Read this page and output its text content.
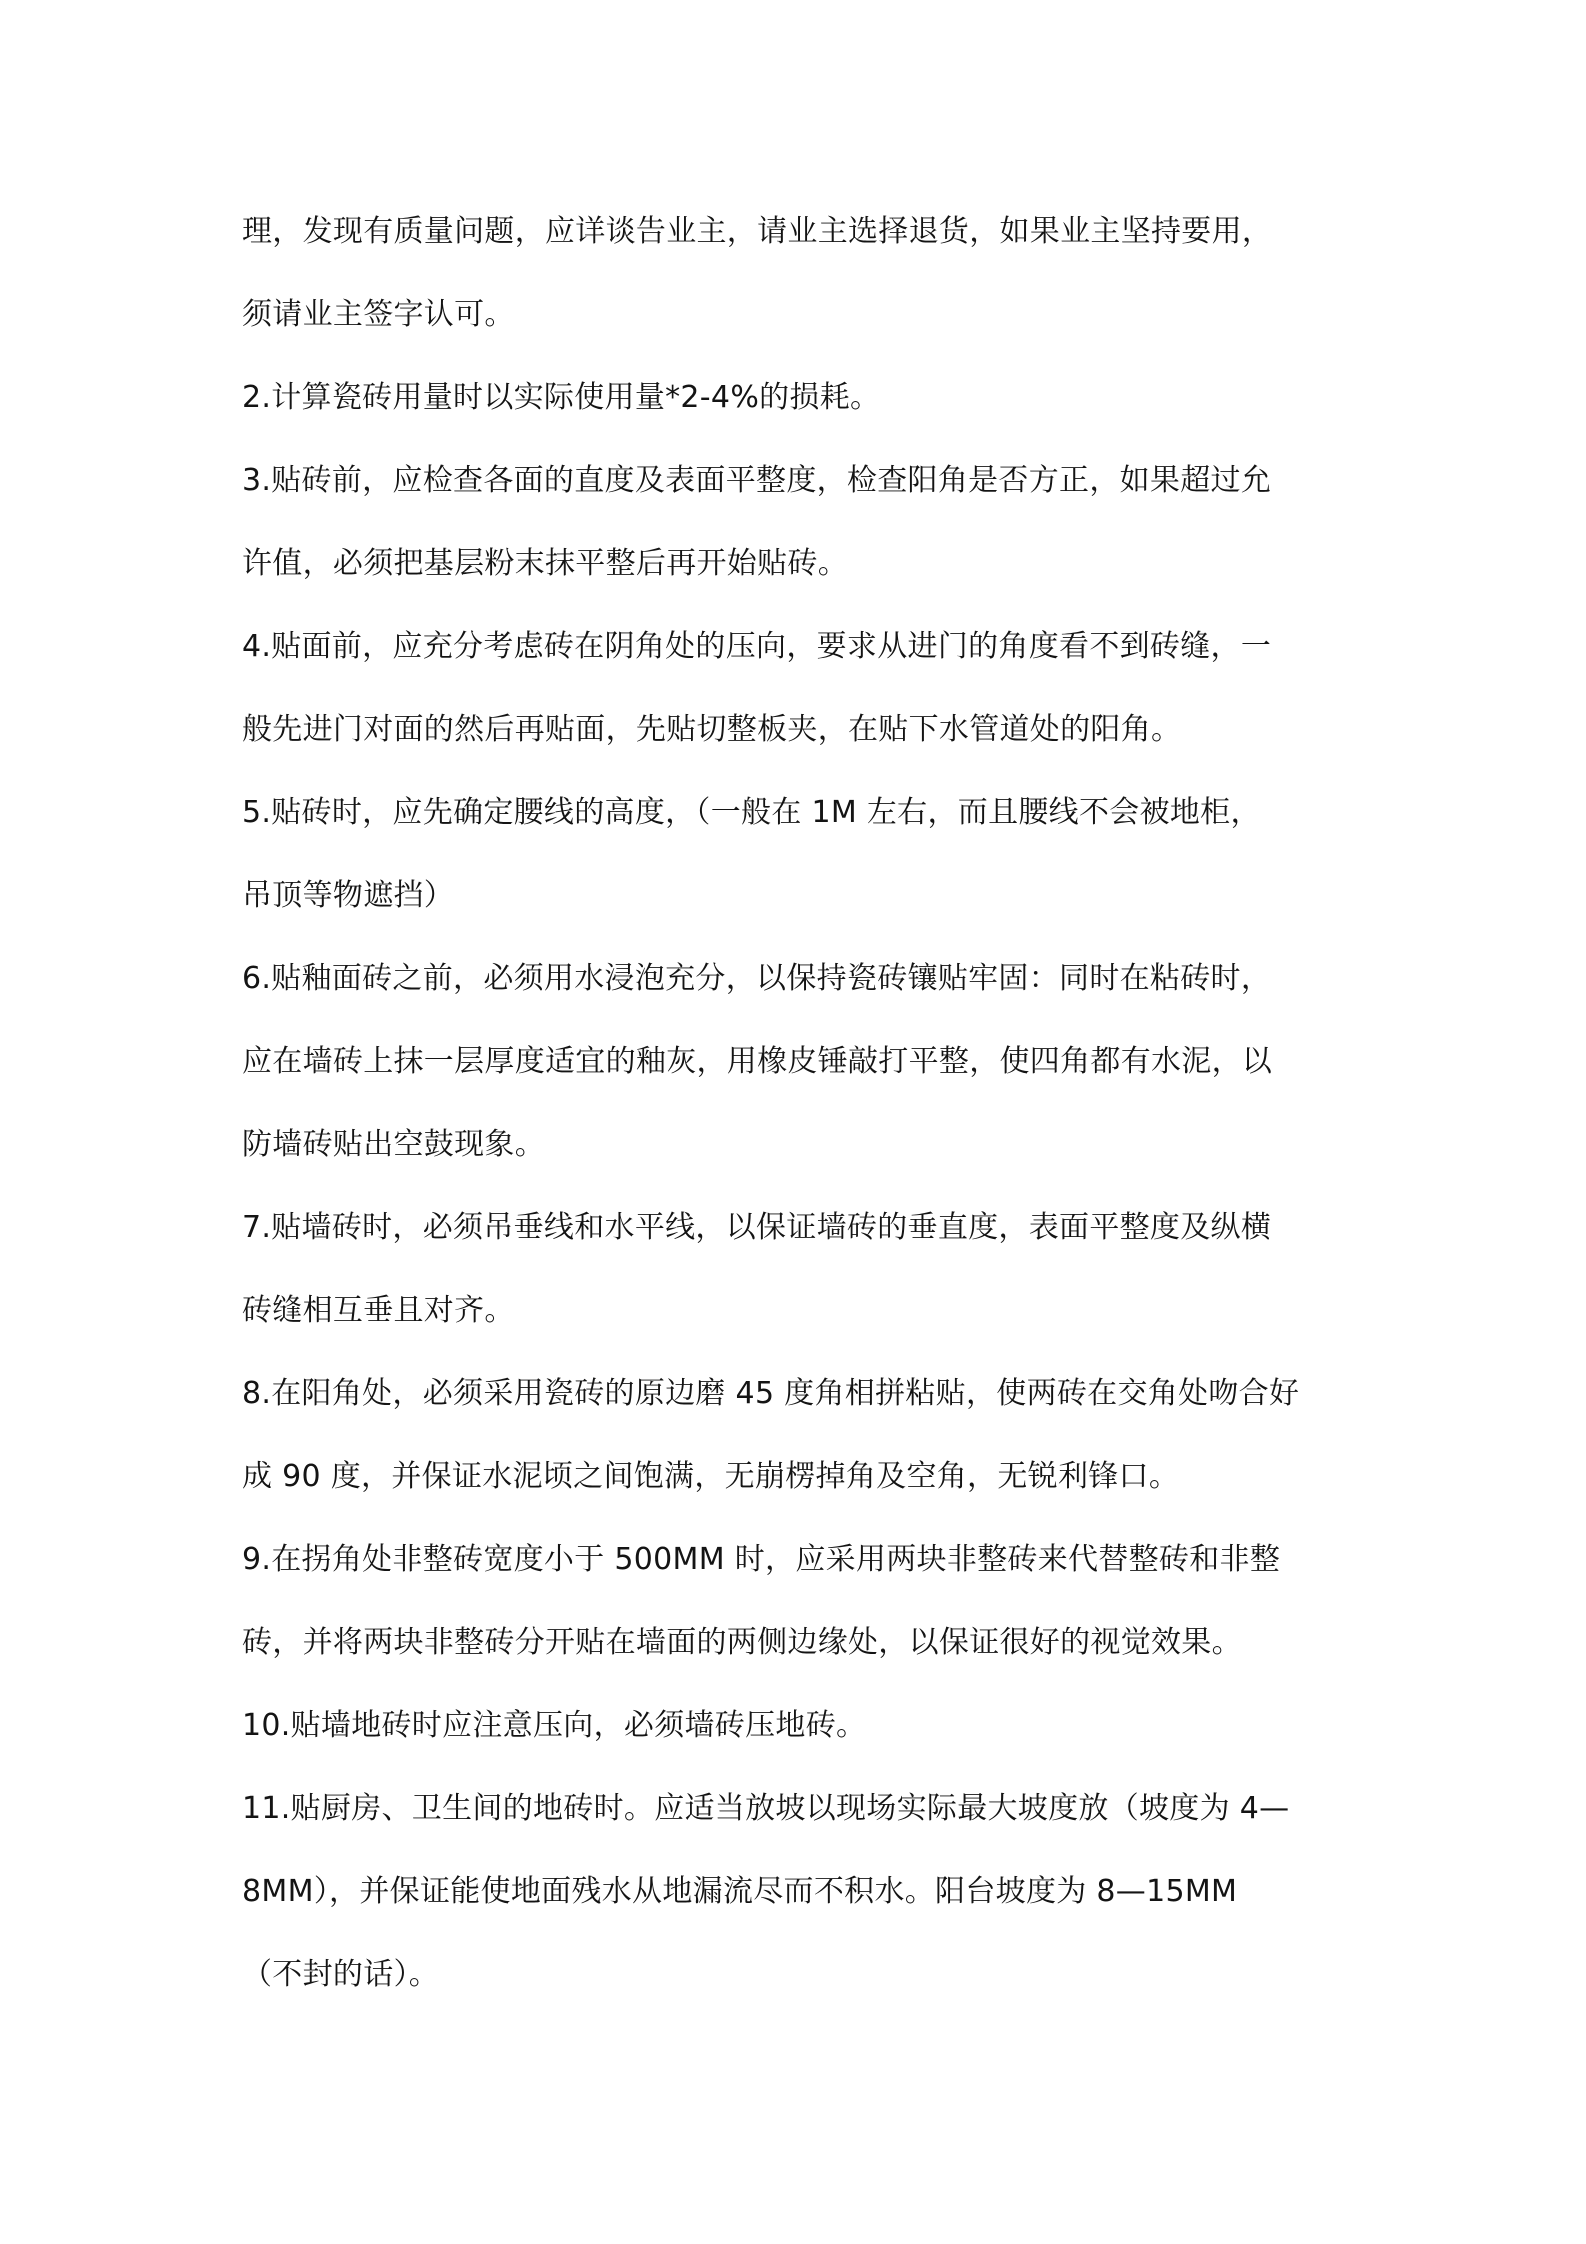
理，发现有质量问题，应详谈告业主，请业主选择退货，如果业主坚持要用，
须请业主签字认可。
2.计算瓷砖用量时以实际使用量*2-4%的损耗。
3.贴砖前，应检查各面的直度及表面平整度，检查阳角是否方正，如果超过允
许值，必须把基层粉末抹平整后再开始贴砖。
4.贴面前，应充分考虑砖在阴角处的压向，要求从进门的角度看不到砖缝，一
般先进门对面的然后再贴面，先贴切整板夹，在贴下水管道处的阳角。
5.贴砖时，应先确定腰线的高度，（一般在 1M 左右，而且腰线不会被地柜，
吊顶等物遮挡）
6.贴釉面砖之前，必须用水浸泡充分，以保持瓷砖镶贴牢固：同时在粘砖时，
应在墙砖上抹一层厚度适宜的釉灰，用橡皮锤敲打平整，使四角都有水泥，以
防墙砖贴出空鼓现象。
7.贴墙砖时，必须吊垂线和水平线，以保证墙砖的垂直度，表面平整度及纵横
砖缝相互垂且对齐。
8.在阳角处，必须采用瓷砖的原边磨 45 度角相拼粘贴，使两砖在交角处吻合好
成 90 度，并保证水泥顷之间饱满，无崩楞掉角及空角，无锐利锋口。
9.在拐角处非整砖宽度小于 500MM 时，应采用两块非整砖来代替整砖和非整
砖，并将两块非整砖分开贴在墙面的两侧边缘处，以保证很好的视觉效果。
10.贴墙地砖时应注意压向，必须墙砖压地砖。
11.贴厨房、卫生间的地砖时。应适当放坡以现场实际最大坡度放（坡度为 4—
8MM），并保证能使地面残水从地漏流尽而不积水。阳台坡度为 8—15MM
（不封的话）。
